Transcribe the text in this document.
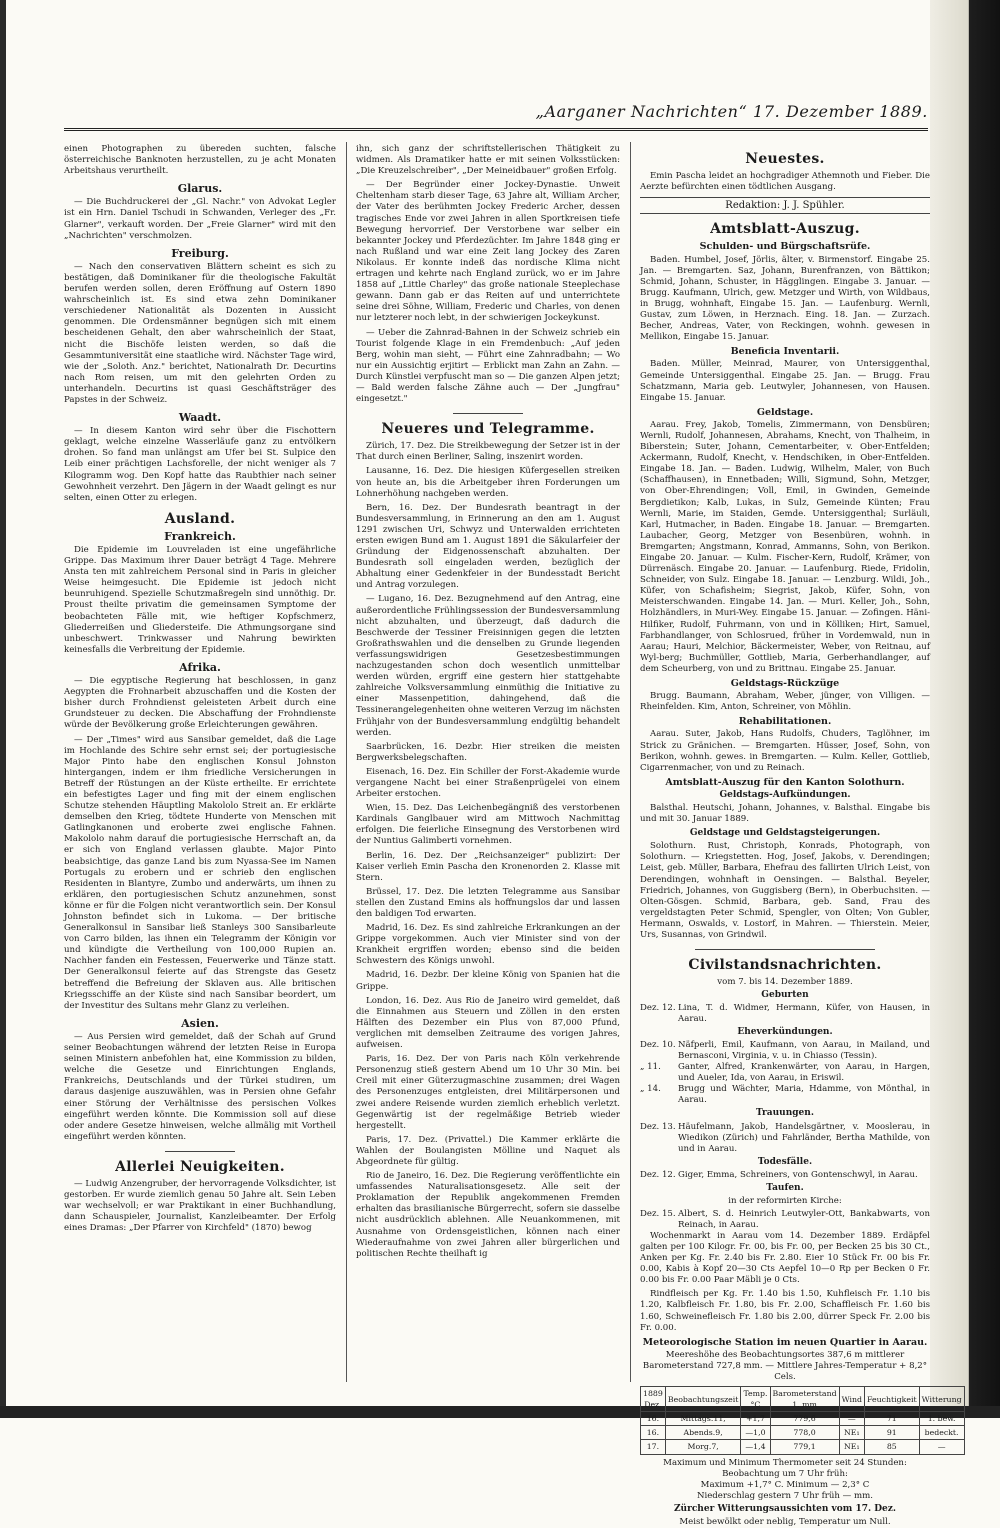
„Aarganer Nachrichten“ 17. Dezember 1889.

einen Photographen zu übereden suchten, falsche österreichische Banknoten herzustellen, zu je acht Monaten Arbeitshaus verurtheilt.

Glarus.

— Die Buchdruckerei der „Gl. Nachr." von Advokat Legler ist ein Hrn. Daniel Tschudi in Schwanden, Verleger des „Fr. Glarner", verkauft worden. Der „Freie Glarner" wird mit den „Nachrichten" verschmolzen.

Freiburg.

— Nach den conservativen Blättern scheint es sich zu bestätigen, daß Dominikaner für die theologische Fakultät berufen werden sollen, deren Eröffnung auf Ostern 1890 wahrscheinlich ist. Es sind etwa zehn Dominikaner verschiedener Nationalität als Dozenten in Aussicht genommen. Die Ordensmänner begnügen sich mit einem bescheidenen Gehalt, den aber wahrscheinlich der Staat, nicht die Bischöfe leisten werden, so daß die Gesammtuniversität eine staatliche wird. Nächster Tage wird, wie der „Soloth. Anz." berichtet, Nationalrath Dr. Decurtins nach Rom reisen, um mit den gelehrten Orden zu unterhandeln. Decurtins ist quasi Geschäftsträger des Papstes in der Schweiz.

Waadt.

— In diesem Kanton wird sehr über die Fischottern geklagt, welche einzelne Wasserläufe ganz zu entvölkern drohen. So fand man unlängst am Ufer bei St. Sulpice den Leib einer prächtigen Lachsforelle, der nicht weniger als 7 Kilogramm wog. Den Kopf hatte das Raubthier nach seiner Gewohnheit verzehrt. Den Jägern in der Waadt gelingt es nur selten, einen Otter zu erlegen.

Ausland.
Frankreich.

Die Epidemie im Louvreladen ist eine ungefährliche Grippe. Das Maximum ihrer Dauer beträgt 4 Tage. Mehrere Ansta ten mit zahlreichem Personal sind in Paris in gleicher Weise heimgesucht. Die Epidemie ist jedoch nicht beunruhigend. Spezielle Schutzmaßregeln sind unnöthig. Dr. Proust theilte privatim die gemeinsamen Symptome der beobachteten Fälle mit, wie heftiger Kopfschmerz, Gliederreißen und Gliedersteife. Die Athmungsorgane sind unbeschwert. Trinkwasser und Nahrung bewirkten keinesfalls die Verbreitung der Epidemie.

Afrika.

— Die egyptische Regierung hat beschlossen, in ganz Aegypten die Frohnarbeit abzuschaffen und die Kosten der bisher durch Frohndienst geleisteten Arbeit durch eine Grundsteuer zu decken. Die Abschaffung der Frohndienste würde der Bevölkerung große Erleichterungen gewähren.

— Der „Times" wird aus Sansibar gemeldet, daß die Lage im Hochlande des Schire sehr ernst sei; der portugiesische Major Pinto habe den englischen Konsul Johnston hintergangen, indem er ihm friedliche Versicherungen in Betreff der Rüstungen an der Küste ertheilte. Er errichtete ein befestigtes Lager und fing mit der einem englischen Schutze stehenden Häuptling Makololo Streit an. Er erklärte demselben den Krieg, tödtete Hunderte von Menschen mit Gatlingkanonen und eroberte zwei englische Fahnen. Makololo nahm darauf die portugiesische Herrschaft an, da er sich von England verlassen glaubte. Major Pinto beabsichtige, das ganze Land bis zum Nyassa-See im Namen Portugals zu erobern und er schrieb den englischen Residenten in Blantyre, Zumbo und anderwärts, um ihnen zu erklären, den portugiesischen Schutz anzunehmen, sonst könne er für die Folgen nicht verantwortlich sein. Der Konsul Johnston befindet sich in Lukoma. — Der britische Generalkonsul in Sansibar ließ Stanleys 300 Sansibarleute von Carro bilden, las ihnen ein Telegramm der Königin vor und kündigte die Vertheilung von 100,000 Rupien an. Nachher fanden ein Festessen, Feuerwerke und Tänze statt. Der Generalkonsul feierte auf das Strengste das Gesetz betreffend die Befreiung der Sklaven aus. Alle britischen Kriegsschiffe an der Küste sind nach Sansibar beordert, um der Investitur des Sultans mehr Glanz zu verleihen.

Asien.

— Aus Persien wird gemeldet, daß der Schah auf Grund seiner Beobachtungen während der letzten Reise in Europa seinen Ministern anbefohlen hat, eine Kommission zu bilden, welche die Gesetze und Einrichtungen Englands, Frankreichs, Deutschlands und der Türkei studiren, um daraus dasjenige auszuwählen, was in Persien ohne Gefahr einer Störung der Verhältnisse des persischen Volkes eingeführt werden könnte. Die Kommission soll auf diese oder andere Gesetze hinweisen, welche allmälig mit Vortheil eingeführt werden könnten.

Allerlei Neuigkeiten.

— Ludwig Anzengruber, der hervorragende Volksdichter, ist gestorben. Er wurde ziemlich genau 50 Jahre alt. Sein Leben war wechselvoll; er war Praktikant in einer Buchhandlung, dann Schauspieler, Journalist, Kanzleibeamter. Der Erfolg eines Dramas: „Der Pfarrer von Kirchfeld" (1870) bewog

ihn, sich ganz der schriftstellerischen Thätigkeit zu widmen. Als Dramatiker hatte er mit seinen Volksstücken: „Die Kreuzelschreiber", „Der Meineidbauer" großen Erfolg.

— Der Begründer einer Jockey-Dynastie. Unweit Cheltenham starb dieser Tage, 63 Jahre alt, William Archer, der Vater des berühmten Jockey Frederic Archer, dessen tragisches Ende vor zwei Jahren in allen Sportkreisen tiefe Bewegung hervorrief. Der Verstorbene war selber ein bekannter Jockey und Pferdezüchter. Im Jahre 1848 ging er nach Rußland und war eine Zeit lang Jockey des Zaren Nikolaus. Er konnte indeß das nordische Klima nicht ertragen und kehrte nach England zurück, wo er im Jahre 1858 auf „Little Charley" das große nationale Steeplechase gewann. Dann gab er das Reiten auf und unterrichtete seine drei Söhne, William, Frederic und Charles, von denen nur letzterer noch lebt, in der schwierigen Jockeykunst.

— Ueber die Zahnrad-Bahnen in der Schweiz schrieb ein Tourist folgende Klage in ein Fremdenbuch: „Auf jeden Berg, wohin man sieht, — Führt eine Zahnradbahn; — Wo nur ein Aussichtig erjitirt — Erblickt man Zahn an Zahn. — Durch Künstlei verpfuscht man so — Die ganzen Alpen jetzt; — Bald werden falsche Zähne auch — Der „Jungfrau" eingesetzt."

Neueres und Telegramme.

Zürich, 17. Dez. Die Streikbewegung der Setzer ist in der That durch einen Berliner, Saling, inszenirt worden.

Lausanne, 16. Dez. Die hiesigen Küfergesellen streiken von heute an, bis die Arbeitgeber ihren Forderungen um Lohnerhöhung nachgeben werden.

Bern, 16. Dez. Der Bundesrath beantragt in der Bundesversammlung, in Erinnerung an den am 1. August 1291 zwischen Uri, Schwyz und Unterwalden errichteten ersten ewigen Bund am 1. August 1891 die Säkularfeier der Gründung der Eidgenossenschaft abzuhalten. Der Bundesrath soll eingeladen werden, bezüglich der Abhaltung einer Gedenkfeier in der Bundesstadt Bericht und Antrag vorzulegen.

— Lugano, 16. Dez. Bezugnehmend auf den Antrag, eine außerordentliche Frühlingssession der Bundesversammlung nicht abzuhalten, und überzeugt, daß dadurch die Beschwerde der Tessiner Freisinnigen gegen die letzten Großrathswahlen und die denselben zu Grunde liegenden verfassungswidrigen Gesetzesbestimmungen nachzugestanden schon doch wesentlich unmittelbar werden würden, ergriff eine gestern hier stattgehabte zahlreiche Volksversammlung einmüthig die Initiative zu einer Massenpetition, dahingehend, daß die Tessinerangelegenheiten ohne weiteren Verzug im nächsten Frühjahr von der Bundesversammlung endgültig behandelt werden.

Saarbrücken, 16. Dezbr. Hier streiken die meisten Bergwerksbelegschaften.

Eisenach, 16. Dez. Ein Schiller der Forst-Akademie wurde vergangene Nacht bei einer Straßenprügelei von einem Arbeiter erstochen.

Wien, 15. Dez. Das Leichenbegängniß des verstorbenen Kardinals Ganglbauer wird am Mittwoch Nachmittag erfolgen. Die feierliche Einsegnung des Verstorbenen wird der Nuntius Galimberti vornehmen.

Berlin, 16. Dez. Der „Reichsanzeiger" publizirt: Der Kaiser verlieh Emin Pascha den Kronenorden 2. Klasse mit Stern.

Brüssel, 17. Dez. Die letzten Telegramme aus Sansibar stellen den Zustand Emins als hoffnungslos dar und lassen den baldigen Tod erwarten.

Madrid, 16. Dez. Es sind zahlreiche Erkrankungen an der Grippe vorgekommen. Auch vier Minister sind von der Krankheit ergriffen worden; ebenso sind die beiden Schwestern des Königs unwohl.

Madrid, 16. Dezbr. Der kleine König von Spanien hat die Grippe.

London, 16. Dez. Aus Rio de Janeiro wird gemeldet, daß die Einnahmen aus Steuern und Zöllen in den ersten Hälften des Dezember ein Plus von 87,000 Pfund, verglichen mit demselben Zeitraume des vorigen Jahres, aufweisen.

Paris, 16. Dez. Der von Paris nach Köln verkehrende Personenzug stieß gestern Abend um 10 Uhr 30 Min. bei Creil mit einer Güterzugmaschine zusammen; drei Wagen des Personenzuges entgleisten, drei Militärpersonen und zwei andere Reisende wurden ziemlich erheblich verletzt. Gegenwärtig ist der regelmäßige Betrieb wieder hergestellt.

Paris, 17. Dez. (Privattel.) Die Kammer erklärte die Wahlen der Boulangisten Mölline und Naquet als Abgeordnete für gültig.

Rio de Janeiro, 16. Dez. Die Regierung veröffentlichte ein umfassendes Naturalisationsgesetz. Alle seit der Proklamation der Republik angekommenen Fremden erhalten das brasilianische Bürgerrecht, sofern sie dasselbe nicht ausdrücklich ablehnen. Alle Neuankommenen, mit Ausnahme von Ordensgeistlichen, können nach einer Wiederaufnahme von zwei Jahren aller bürgerlichen und politischen Rechte theilhaft ig

Neuestes.

Emin Pascha leidet an hochgradiger Athemnoth und Fieber. Die Aerzte befürchten einen tödtlichen Ausgang.

Redaktion: J. J. Spühler.
Amtsblatt-Auszug.
Schulden- und Bürgschaftsrüfe.

Baden. Humbel, Josef, Jörlis, älter, v. Birmenstorf. Eingabe 25. Jan. — Bremgarten. Saz, Johann, Burenfranzen, von Bättikon; Schmid, Johann, Schuster, in Hägglingen. Eingabe 3. Januar. — Brugg. Kaufmann, Ulrich, gew. Metzger und Wirth, von Wildbaus, in Brugg, wohnhaft, Eingabe 15. Jan. — Laufenburg. Wernli, Gustav, zum Löwen, in Herznach. Eing. 18. Jan. — Zurzach. Becher, Andreas, Vater, von Reckingen, wohnh. gewesen in Mellikon, Eingabe 15. Januar.

Beneficia Inventarii.

Baden. Müller, Meinrad, Maurer, von Untersiggenthal, Gemeinde Untersiggenthal. Eingabe 25. Jan. — Brugg. Frau Schatzmann, Maria geb. Leutwyler, Johannesen, von Hausen. Eingabe 15. Januar.

Geldstage.

Aarau. Frey, Jakob, Tomelis, Zimmermann, von Densbüren; Wernli, Rudolf, Johannesen, Abrahams, Knecht, von Thalheim, in Biberstein; Suter, Johann, Cementarbeiter, v. Ober-Entfelden; Ackermann, Rudolf, Knecht, v. Hendschiken, in Ober-Entfelden. Eingabe 18. Jan. — Baden. Ludwig, Wilhelm, Maler, von Buch (Schaffhausen), in Ennetbaden; Willi, Sigmund, Sohn, Metzger, von Ober-Ehrendingen; Voll, Emil, in Gwinden, Gemeinde Bergdietikon; Kalb, Lukas, in Sulz, Gemeinde Künten; Frau Wernli, Marie, im Staiden, Gemde. Untersiggenthal; Surläuli, Karl, Hutmacher, in Baden. Eingabe 18. Januar. — Bremgarten. Laubacher, Georg, Metzger von Besenbüren, wohnh. in Bremgarten; Angstmann, Konrad, Ammanns, Sohn, von Berikon. Eingabe 20. Januar. — Kulm. Fischer-Kern, Rudolf, Krämer, von Dürrenäsch. Eingabe 20. Januar. — Laufenburg. Riede, Fridolin, Schneider, von Sulz. Eingabe 18. Januar. — Lenzburg. Wildi, Joh., Küfer, von Schafisheim; Siegrist, Jakob, Küfer, Sohn, von Meisterschwanden. Eingabe 14. Jan. — Muri. Keller, Joh., Sohn, Holzhändlers, in Muri-Wey. Eingabe 15. Januar. — Zofingen. Häni-Hilfiker, Rudolf, Fuhrmann, von und in Kölliken; Hirt, Samuel, Farbhandlanger, von Schlosrued, früher in Vordemwald, nun in Aarau; Hauri, Melchior, Bäckermeister, Weber, von Reitnau, auf Wyl-berg; Buchmüller, Gottlieb, Maria, Gerberhandlanger, auf dem Scheurberg, von und zu Brittnau. Eingabe 25. Januar.

Geldstags-Rückzüge

Brugg. Baumann, Abraham, Weber, jünger, von Villigen. — Rheinfelden. Kim, Anton, Schreiner, von Möhlin.

Rehabilitationen.

Aarau. Suter, Jakob, Hans Rudolfs, Chuders, Taglöhner, im Strick zu Gränichen. — Bremgarten. Hüsser, Josef, Sohn, von Berikon, wohnh. gewes. in Bremgarten. — Kulm. Keller, Gottlieb, Cigarrenmacher, von und zu Reinach.

Amtsblatt-Auszug für den Kanton Solothurn.
Geldstags-Aufkündungen.

Balsthal. Heutschi, Johann, Johannes, v. Balsthal. Eingabe bis und mit 30. Januar 1889.

Geldstage und Geldstagsteigerungen.

Solothurn. Rust, Christoph, Konrads, Photograph, von Solothurn. — Kriegstetten. Hog, Josef, Jakobs, v. Derendingen; Leist, geb. Müller, Barbara, Ehefrau des fallirten Ulrich Leist, von Derendingen, wohnhaft in Oensingen. — Balsthal. Beyeler, Friedrich, Johannes, von Guggisberg (Bern), in Oberbuchsiten. — Olten-Gösgen. Schmid, Barbara, geb. Sand, Frau des vergeldstagten Peter Schmid, Spengler, von Olten; Von Gubler, Hermann, Oswalds, v. Lostorf, in Mahren. — Thierstein. Meier, Urs, Susannas, von Grindwil.

Civilstandsnachrichten.
vom 7. bis 14. Dezember 1889.
Geburten
Dez. 12. Lina, T. d. Widmer, Hermann, Küfer, von Hausen, in Aarau.
Eheverkündungen.
Dez. 10. Näfperli, Emil, Kaufmann, von Aarau, in Mailand, und Bernasconi, Virginia, v. u. in Chiasso (Tessin).
„ 11.	Ganter, Alfred, Krankenwärter, von Aarau, in Hargen, und Aueler, Ida, von Aarau, in Eriswil.
„ 14.	Brugg und Wächter, Maria, Hdamme, von Mönthal, in Aarau.
Trauungen.
Dez. 13. Häufelmann, Jakob, Handelsgärtner, v. Mooslerau, in Wiedikon (Zürich) und Fahrländer, Bertha Mathilde, von und in Aarau.
Todesfälle.
Dez. 12. Giger, Emma, Schreiners, von Gontenschwyl, in Aarau.
Taufen.
in der reformirten Kirche:
Dez. 15. Albert, S. d. Heinrich Leutwyler-Ott, Bankabwarts, von Reinach, in Aarau.

Wochenmarkt in Aarau vom 14. Dezember 1889. Erdäpfel galten per 100 Kilogr. Fr. 00, bis Fr. 00, per Becken 25 bis 30 Ct., Anken per Kg. Fr. 2.40 bis Fr. 2.80. Eier 10 Stück Fr. 00 bis Fr. 0.00, Kabis à Kopf 20—30 Cts Aepfel 10—0 Rp per Becken 0 Fr. 0.00 bis Fr. 0.00 Paar Mäbli je 0 Cts.

Rindfleisch per Kg. Fr. 1.40 bis 1.50, Kuhfleisch Fr. 1.10 bis 1.20, Kalbfleisch Fr. 1.80, bis Fr. 2.00, Schaffleisch Fr. 1.60 bis 1.60, Schweinefleisch Fr. 1.80 bis 2.00, dürrer Speck Fr. 2.00 bis Fr. 0.00.

Meteorologische Station im neuen Quartier in Aarau.
Meereshöhe des Beobachtungsortes 387,6 m mittlerer Barometerstand 727,8 mm. — Mittlere Jahres-Temperatur + 8,2° Cels.
1889 Dez.	Beobachtungszeit	Temp. °C	Barometerstand 1. mm	Wind	Feuchtigkeit	Witterung
16.	Mittags.11,	+1,7	779,6	—	71	1. bew.
16.	Abends.9,	—1,0	778,0	NE₁	91	bedeckt.
17.	Morg.7,	—1,4	779,1	NE₁	85	—
Maximum und Minimum Thermometer seit 24 Stunden:
Beobachtung um 7 Uhr früh:
Maximum +1,7° C. Minimum — 2,3° C
Niederschlag gestern 7 Uhr früh — mm.
Zürcher Witterungsaussichten vom 17. Dez.
Meist bewölkt oder neblig, Temperatur um Null.
